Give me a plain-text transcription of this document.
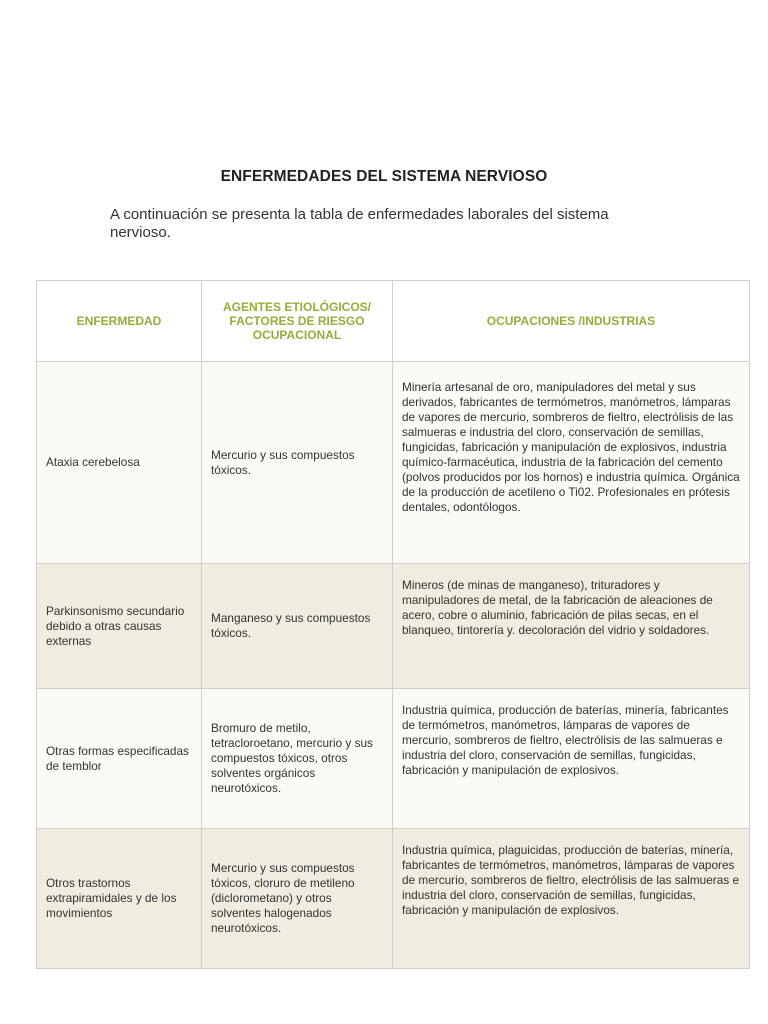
ENFERMEDADES DEL SISTEMA NERVIOSO
A continuación se presenta la tabla de enfermedades laborales del sistema nervioso.
ENFERMEDAD	AGENTES ETIOLÓGICOS/ FACTORES DE RIESGO OCUPACIONAL	OCUPACIONES /INDUSTRIAS
Ataxia cerebelosa	Mercurio y sus compuestos tóxicos.	Minería artesanal de oro, manipuladores del metal y sus derivados, fabricantes de termómetros, manómetros, lámparas de vapores de mercurio, sombreros de fieltro, electrólisis de las salmueras e industria del cloro, conservación de semillas, fungicidas, fabricación y manipulación de explosivos, industria químico-farmacéutica, industria de la fabricación del cemento (polvos producidos por los hornos) e industria química. Orgánica de la producción de acetileno o Ti02. Profesionales en prótesis dentales, odontólogos.
Parkinsonismo secundario debido a otras causas externas	Manganeso y sus compuestos tóxicos.	Mineros (de minas de manganeso), trituradores y manipuladores de metal, de la fabricación de aleaciones de acero, cobre o aluminio, fabricación de pilas secas, en el blanqueo, tintorería y. decoloración del vidrio y soldadores.
Otras formas especificadas de temblor	Bromuro de metilo, tetracloroetano, mercurio y sus compuestos tóxicos, otros solventes orgánicos neurotóxicos.	Industria química, producción de baterías, minería, fabricantes de termómetros, manómetros, lámparas de vapores de mercurio, sombreros de fieltro, electrólisis de las salmueras e industria del cloro, conservación de semillas, fungicidas, fabricación y manipulación de explosivos.
Otros trastornos extrapiramidales y de los movimientos	Mercurio y sus compuestos tóxicos, cloruro de metileno (diclorometano) y otros solventes halogenados neurotóxicos.	Industria química, plaguicidas, producción de baterías, minería, fabricantes de termómetros, manómetros, lámparas de vapores de mercurio, sombreros de fieltro, electrólisis de las salmueras e industria del cloro, conservación de semillas, fungicidas, fabricación y manipulación de explosivos.
